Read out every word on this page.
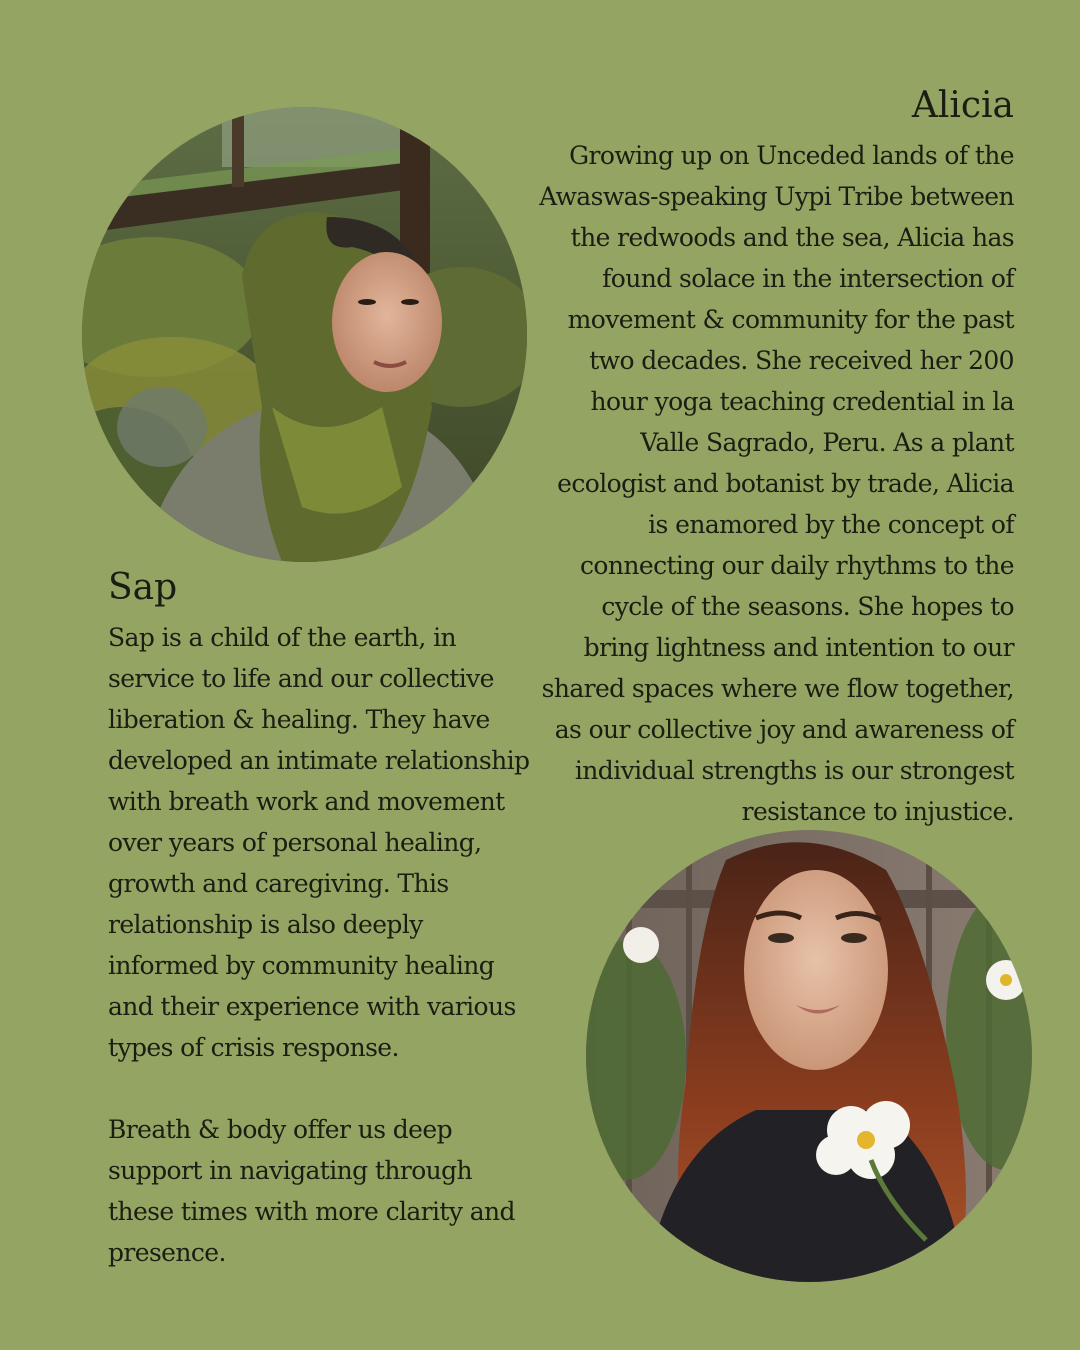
Alicia

Growing up on Unceded lands of the
Awaswas-speaking Uypi Tribe between
the redwoods and the sea, Alicia has
found solace in the intersection of
movement & community for the past
two decades. She received her 200
hour yoga teaching credential in la
Valle Sagrado, Peru. As a plant
ecologist and botanist by trade, Alicia
is enamored by the concept of
connecting our daily rhythms to the
cycle of the seasons. She hopes to
bring lightness and intention to our
shared spaces where we flow together,
as our collective joy and awareness of
individual strengths is our strongest
resistance to injustice.

Sap

Sap is a child of the earth, in
service to life and our collective
liberation & healing. They have
developed an intimate relationship
with breath work and movement
over years of personal healing,
growth and caregiving. This
relationship is also deeply
informed by community healing
and their experience with various
types of crisis response.
Breath & body offer us deep
support in navigating through
these times with more clarity and
presence.
